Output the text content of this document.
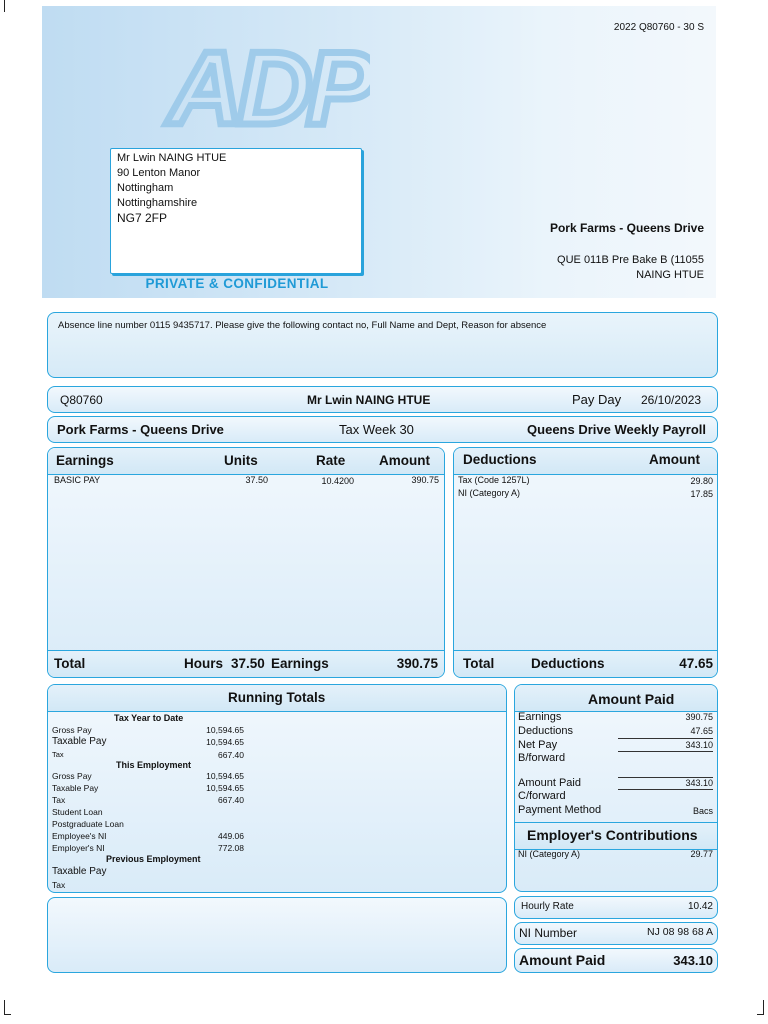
ADP
2022 Q80760 - 30 S
Mr Lwin NAING HTUE
90 Lenton Manor
Nottingham
Nottinghamshire
NG7 2FP
PRIVATE & CONFIDENTIAL
Pork Farms - Queens Drive
QUE 011B Pre Bake B (11055
NAING HTUE
Absence line number 0115 9435717. Please give the following contact no, Full Name and Dept, Reason for absence
Q80760	Mr Lwin NAING HTUE	Pay Day 26/10/2023
Pork Farms - Queens Drive	Tax Week 30	Queens Drive Weekly Payroll
Earnings	Units	Rate Amount
BASIC PAY	37.50	10.4200	390.75
Total	Hours 37.50 Earnings	390.75
Deductions	Amount
Tax (Code 1257L)	29.80
NI (Category A)	17.85
Total	Deductions	47.65
Running Totals
Tax Year to Date
Gross Pay	10,594.65
Taxable Pay	10,594.65
Tax	667.40
This Employment
Gross Pay	10,594.65
Taxable Pay	10,594.65
Tax	667.40
Student Loan
Postgraduate Loan
Employee's NI	449.06
Employer's NI	772.08
Previous Employment
Taxable Pay
Tax
Amount Paid
Earnings	390.75
Deductions	47.65
Net Pay	343.10
B/forward
Amount Paid	343.10
C/forward
Payment Method	Bacs
Employer's Contributions
NI (Category A)	29.77
Hourly Rate	10.42
NI Number	NJ 08 98 68 A
Amount Paid	343.10
